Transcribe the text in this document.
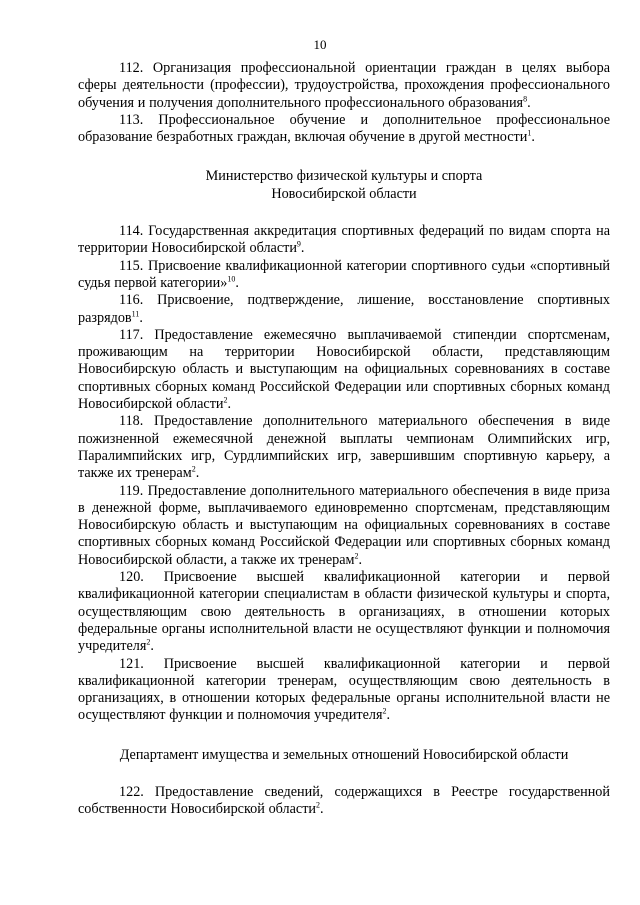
10

112. Организация профессиональной ориентации граждан в целях выбора сферы деятельности (профессии), трудоустройства, прохождения профессионального обучения и получения дополнительного профессионального образования$^8$.

113. Профессиональное обучение и дополнительное профессиональное образование безработных граждан, включая обучение в другой местности$^1$.

Министерство физической культуры и спорта
Новосибирской области

114. Государственная аккредитация спортивных федераций по видам спорта на территории Новосибирской области$^9$.

115. Присвоение квалификационной категории спортивного судьи «спортивный судья первой категории»$^{10}$.

116. Присвоение, подтверждение, лишение, восстановление спортивных разрядов$^{11}$.

117. Предоставление ежемесячно выплачиваемой стипендии спортсменам, проживающим на территории Новосибирской области, представляющим Новосибирскую область и выступающим на официальных соревнованиях в составе спортивных сборных команд Российской Федерации или спортивных сборных команд Новосибирской области$^2$.

118. Предоставление дополнительного материального обеспечения в виде пожизненной ежемесячной денежной выплаты чемпионам Олимпийских игр, Паралимпийских игр, Сурдлимпийских игр, завершившим спортивную карьеру, а также их тренерам$^2$.

119. Предоставление дополнительного материального обеспечения в виде приза в денежной форме, выплачиваемого единовременно спортсменам, представляющим Новосибирскую область и выступающим на официальных соревнованиях в составе спортивных сборных команд Российской Федерации или спортивных сборных команд Новосибирской области, а также их тренерам$^2$.

120. Присвоение высшей квалификационной категории и первой квалификационной категории специалистам в области физической культуры и спорта, осуществляющим свою деятельность в организациях, в отношении которых федеральные органы исполнительной власти не осуществляют функции и полномочия учредителя$^2$.

121. Присвоение высшей квалификационной категории и первой квалификационной категории тренерам, осуществляющим свою деятельность в организациях, в отношении которых федеральные органы исполнительной власти не осуществляют функции и полномочия учредителя$^2$.

Департамент имущества и земельных отношений Новосибирской области

122. Предоставление сведений, содержащихся в Реестре государственной собственности Новосибирской области$^2$.
